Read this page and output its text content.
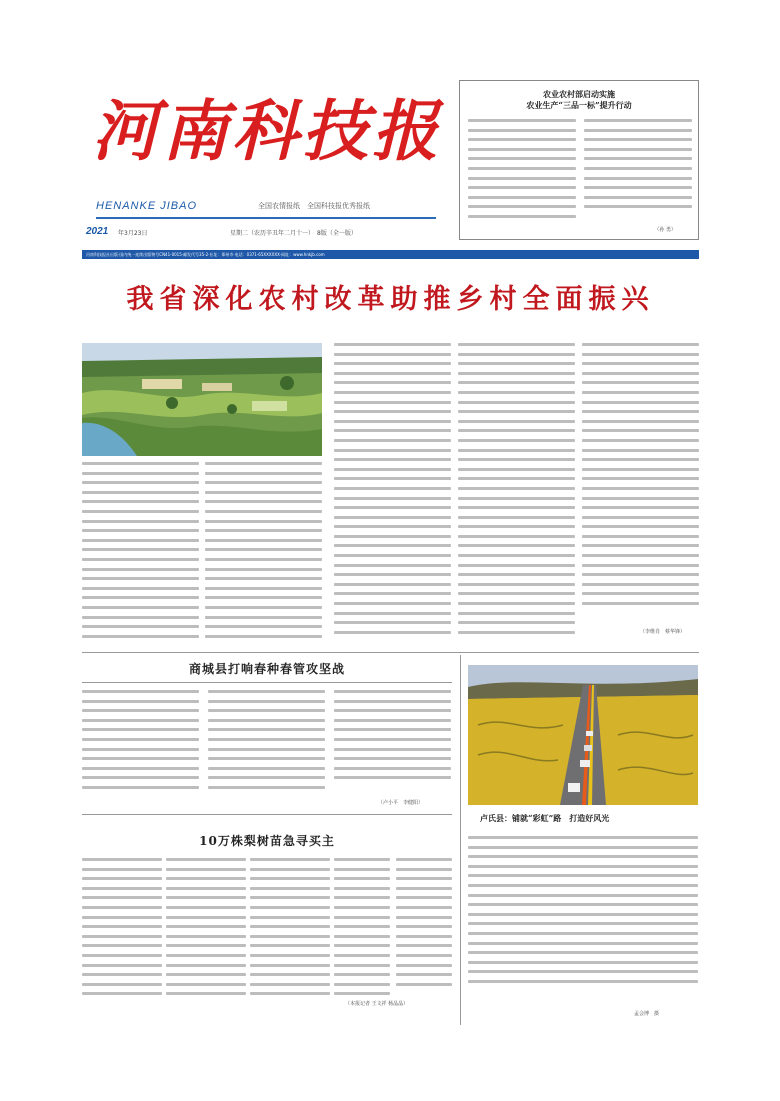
河南科技报
HENANKE JIBAO	全国农情报纸　全国科技报优秀报纸
2021 年3月23日	星期二（农历辛丑年二月十一）　8版（全一版）
农业农村部启动实施
农业生产“三品一标”提升行动
（孙 勇）
河南科技报社出版·国内统一连续出版物号CN41-0015·邮发代号35-2·社址：郑州市·电话：0371-65XXXXXX·网址：www.hnkjb.com
我省深化农村改革助推乡村全面振兴
（李维肖　蔡华锋）
商城县打响春种春管攻坚战
（卢小平　李健阳）
10万株梨树苗急寻买主
（本报记者 王文祥 杨晶晶）
卢氏县：铺就“彩虹”路　打造好风光
孟会博　摄
